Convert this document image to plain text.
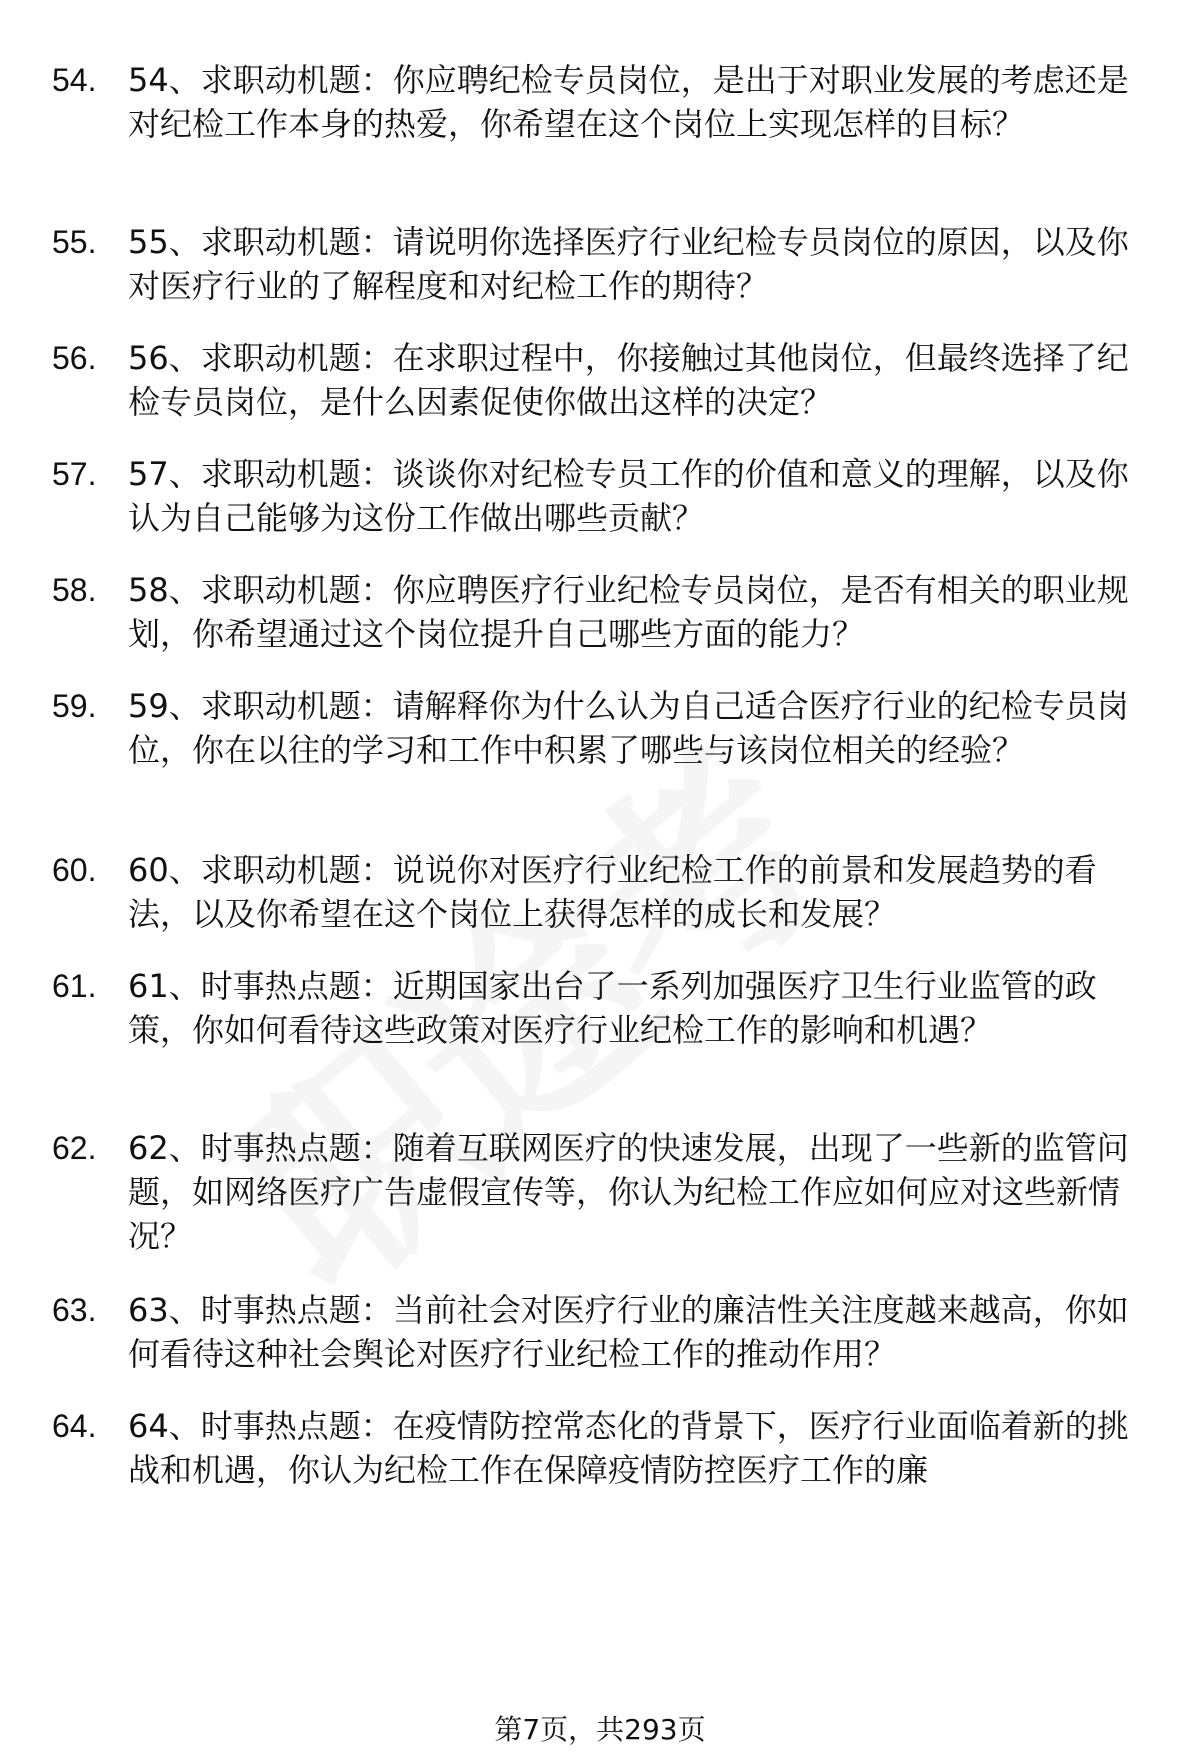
54. 54、求职动机题：你应聘纪检专员岗位，是出于对职业发展的考虑还是对纪检工作本身的热爱，你希望在这个岗位上实现怎样的目标？
55. 55、求职动机题：请说明你选择医疗行业纪检专员岗位的原因，以及你对医疗行业的了解程度和对纪检工作的期待？
56. 56、求职动机题：在求职过程中，你接触过其他岗位，但最终选择了纪检专员岗位，是什么因素促使你做出这样的决定？
57. 57、求职动机题：谈谈你对纪检专员工作的价值和意义的理解，以及你认为自己能够为这份工作做出哪些贡献？
58. 58、求职动机题：你应聘医疗行业纪检专员岗位，是否有相关的职业规划，你希望通过这个岗位提升自己哪些方面的能力？
59. 59、求职动机题：请解释你为什么认为自己适合医疗行业的纪检专员岗位，你在以往的学习和工作中积累了哪些与该岗位相关的经验？
60. 60、求职动机题：说说你对医疗行业纪检工作的前景和发展趋势的看法，以及你希望在这个岗位上获得怎样的成长和发展？
61. 61、时事热点题：近期国家出台了一系列加强医疗卫生行业监管的政策，你如何看待这些政策对医疗行业纪检工作的影响和机遇？
62. 62、时事热点题：随着互联网医疗的快速发展，出现了一些新的监管问题，如网络医疗广告虚假宣传等，你认为纪检工作应如何应对这些新情况？
63. 63、时事热点题：当前社会对医疗行业的廉洁性关注度越来越高，你如何看待这种社会舆论对医疗行业纪检工作的推动作用？
64. 64、时事热点题：在疫情防控常态化的背景下，医疗行业面临着新的挑战和机遇，你认为纪检工作在保障疫情防控医疗工作的廉
第7页，共293页
